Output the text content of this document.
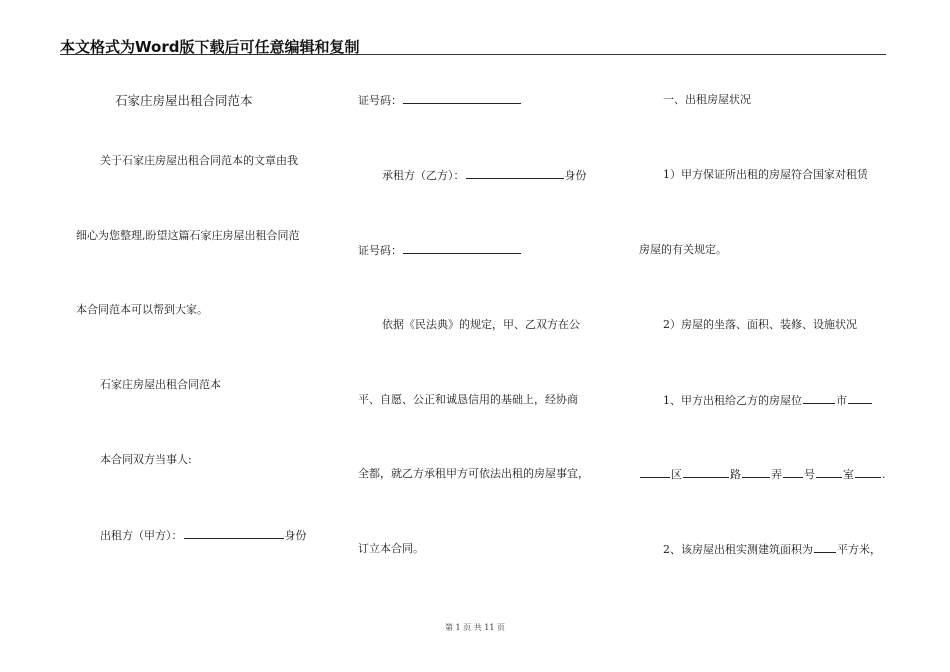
本文格式为Word版下载后可任意编辑和复制
石家庄房屋出租合同范本
关于石家庄房屋出租合同范本的文章由我
细心为您整理,盼望这篇石家庄房屋出租合同范
本合同范本可以帮到大家。
石家庄房屋出租合同范本
本合同双方当事人:
出租方（甲方）：	身份
证号码：
承租方（乙方）：	身份
证号码：
依据《民法典》的规定，甲、乙双方在公
平、自愿、公正和诚恳信用的基础上，经协商
全都，就乙方承租甲方可依法出租的房屋事宜，
订立本合同。
一、出租房屋状况
1）甲方保证所出租的房屋符合国家对租赁
房屋的有关规定。
2）房屋的坐落、面积、装修、设施状况
1、甲方出租给乙方的房屋位	市
区	路	弄 号	室	.
2、该房屋出租实测建筑面积为 平方米，
第 1 页 共 11 页
